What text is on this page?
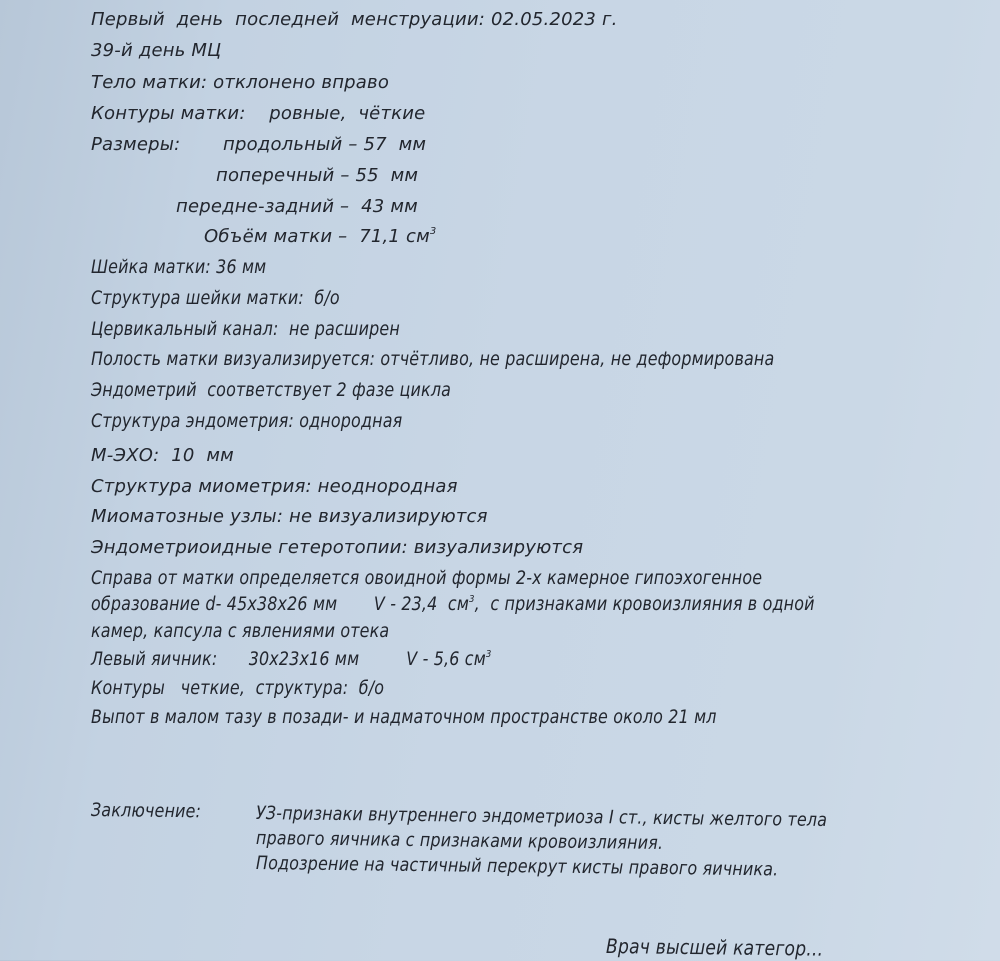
Первый  день  последней  менструации: 02.05.2023 г.
39-й день МЦ
Тело матки: отклонено вправо
Контуры матки:    ровные,  чёткие
Размеры: продольный – 57  мм
поперечный – 55  мм
передне-задний –  43 мм
Объём матки –  71,1 $см^3$
Шейка матки: 36 мм
Структура шейки матки:  б/о
Цервикальный канал:  не расширен
Полость матки визуализируется: отчётливо, не расширена, не деформирована
Эндометрий  соответствует 2 фазе цикла
Структура эндометрия: однородная
М-ЭХО:  10  мм
Структура миометрия: неоднородная
Миоматозные узлы: не визуализируются
Эндометриоидные гетеротопии: визуализируются
Справа от матки определяется овоидной формы 2-х камерное гипоэхогенное
образование d- 45х38х26 мм       V - 23,4  $см^3$,  с признаками кровоизлияния в одной
камер, капсула с явлениями отека
Левый яичник:      30х23х16 мм         V - 5,6 $см^3$
Контуры   четкие,  структура:  б/о
Выпот в малом тазу в позади- и надматочном пространстве около 21 мл
Заключение:	УЗ-признаки внутреннего эндометриоза I ст., кисты желтого тела
правого яичника с признаками кровоизлияния.
Подозрение на частичный перекрут кисты правого яичника.
Врач высшей категор...
